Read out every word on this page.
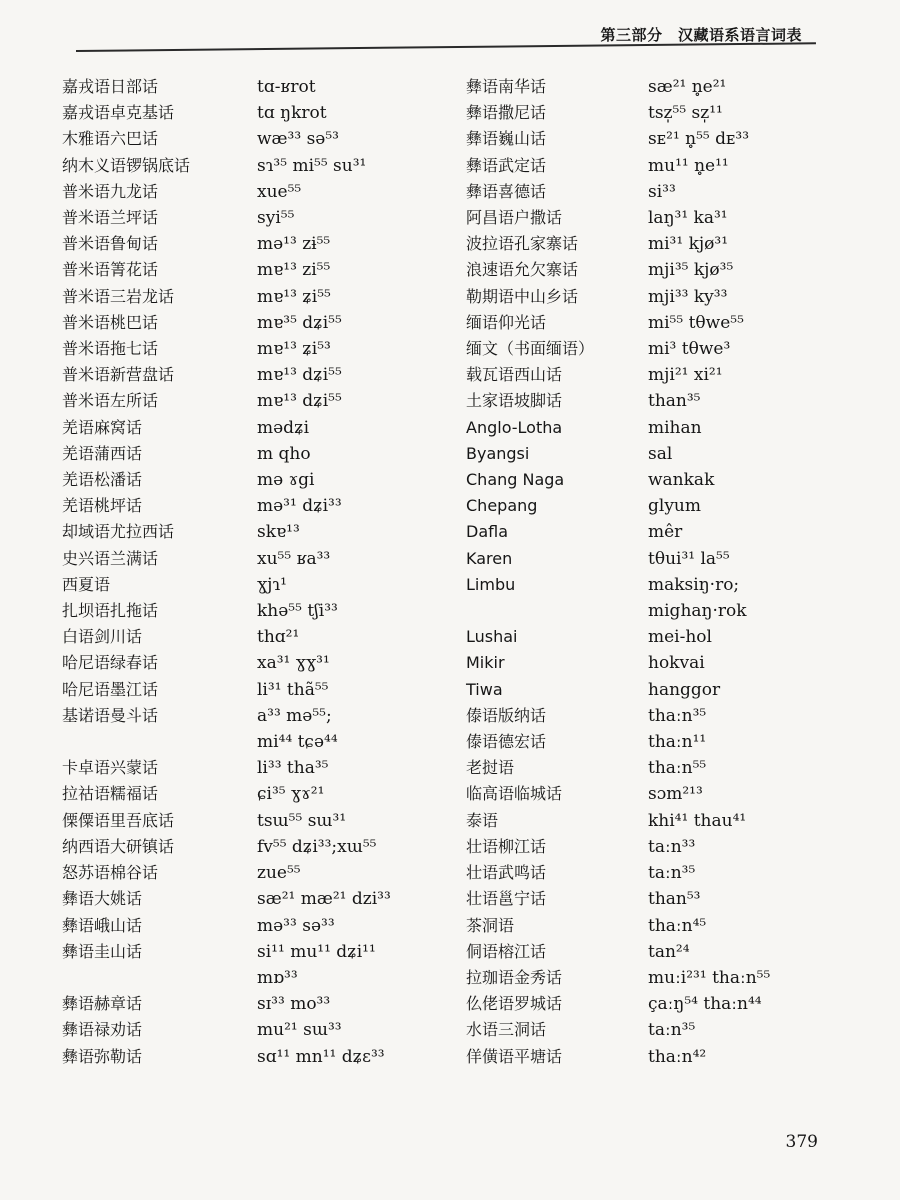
第三部分　汉藏语系语言词表
嘉戎语日部话	tɑ-ʁrot
嘉戎语卓克基话	tɑ ŋkrot
木雅语六巴话	wæ³³ sə⁵³
纳木义语锣锅底话	sɿ³⁵ mi⁵⁵ su³¹
普米语九龙话	xue⁵⁵
普米语兰坪话	syi⁵⁵
普米语鲁甸话	mə¹³ zi̵⁵⁵
普米语箐花话	mɐ¹³ zi⁵⁵
普米语三岩龙话	mɐ¹³ ʑi⁵⁵
普米语桃巴话	mɐ³⁵ dʑi⁵⁵
普米语拖七话	mɐ¹³ ʑi⁵³
普米语新营盘话	mɐ¹³ dʑi⁵⁵
普米语左所话	mɐ¹³ dʑi⁵⁵
羌语麻窝话	mədʑi
羌语蒲西话	m qho
羌语松潘话	mə ɤgi
羌语桃坪话	mə³¹ dʑi³³
却域语尤拉西话	skɐ¹³
史兴语兰满话	xu⁵⁵ ʁa³³
西夏语	ɣjɿ¹
扎坝语扎拖话	khə⁵⁵ tʃi³³
白语剑川话	thɑ²¹
哈尼语绿春话	xa³¹ ɣɣ³¹
哈尼语墨江话	li³¹ thã⁵⁵
基诺语曼斗话	a³³ mə⁵⁵;
	mi⁴⁴ tɕə⁴⁴
卡卓语兴蒙话	li³³ tha³⁵
拉祜语糯福话	ɕi³⁵ ɣɤ²¹
傈僳语里吾底话	tsɯ⁵⁵ sɯ³¹
纳西语大研镇话	fv⁵⁵ dʑi³³;xɯ⁵⁵
怒苏语棉谷话	zue⁵⁵
彝语大姚话	sæ²¹ mæ²¹ dzi³³
彝语峨山话	mə³³ sə³³
彝语圭山话	si¹¹ mu¹¹ dʑi¹¹
	mɒ³³
彝语赫章话	sɪ³³ mo³³
彝语禄劝话	mu²¹ sɯ³³
彝语弥勒话	sɑ¹¹ mn¹¹ dʑɛ³³
彝语南华话	sæ²¹ n̥e²¹
彝语撒尼话	tsz̩⁵⁵ sz̩¹¹
彝语巍山话	sᴇ²¹ n̥⁵⁵ dᴇ³³
彝语武定话	mu¹¹ n̥e¹¹
彝语喜德话	si³³
阿昌语户撒话	laŋ³¹ ka³¹
波拉语孔家寨话	mi³¹ kjø³¹
浪速语允欠寨话	mji³⁵ kjø³⁵
勒期语中山乡话	mji³³ ky³³
缅语仰光话	mi⁵⁵ tθwe⁵⁵
缅文（书面缅语）	mi³ tθwe³
载瓦语西山话	mji²¹ xi²¹
土家语坡脚话	than³⁵
Anglo-Lotha	mihan
Byangsi	sal
Chang Naga	wankak
Chepang	glyum
Dafla	mêr
Karen	tθui³¹ la⁵⁵
Limbu	maksiŋ·ro;
	mighaŋ·rok
Lushai	mei-hol
Mikir	hokvai
Tiwa	hanggor
傣语版纳话	thaːn³⁵
傣语德宏话	thaːn¹¹
老挝语	thaːn⁵⁵
临高语临城话	sɔm²¹³
泰语	khi⁴¹ thau⁴¹
壮语柳江话	taːn³³
壮语武鸣话	taːn³⁵
壮语邕宁话	than⁵³
茶洞语	thaːn⁴⁵
侗语榕江话	tan²⁴
拉珈语金秀话	muːi²³¹ thaːn⁵⁵
仫佬语罗城话	çaːŋ⁵⁴ thaːn⁴⁴
水语三洞话	taːn³⁵
佯僙语平塘话	thaːn⁴²
379
